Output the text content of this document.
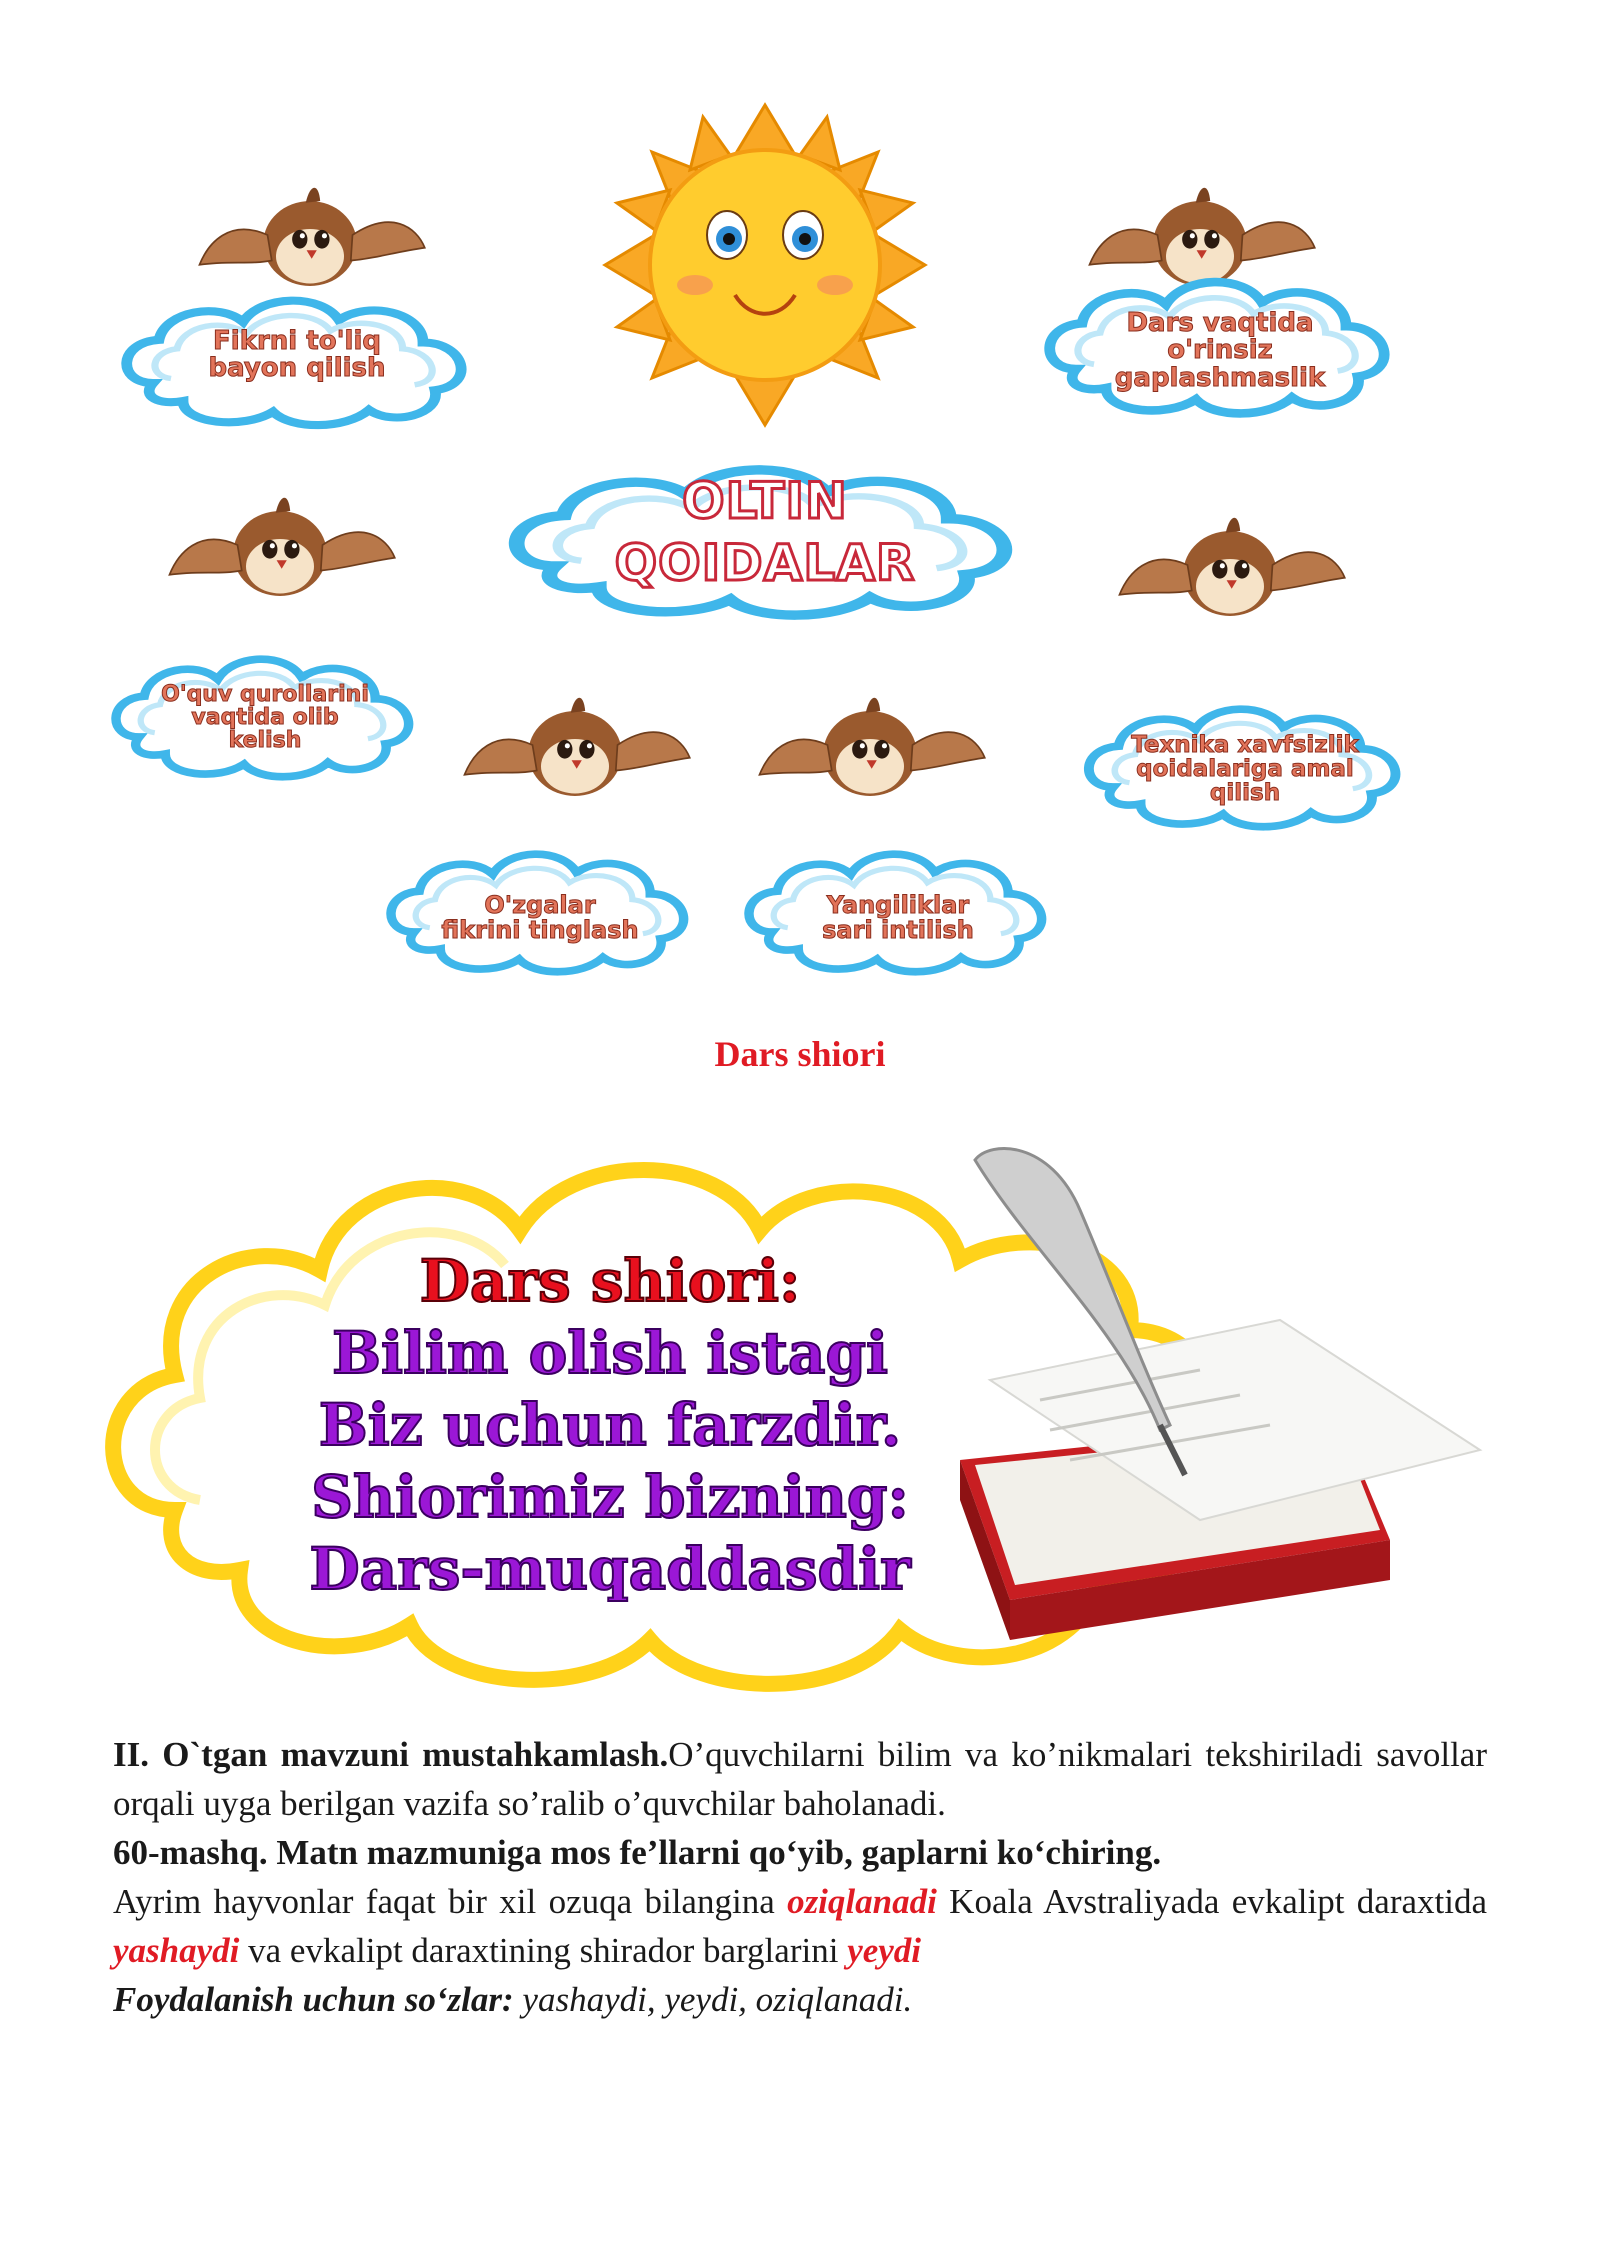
OLTIN
QOIDALAR
Fikrni to'liq
bayon qilish
Dars vaqtida
o'rinsiz
gaplashmaslik
O'quv qurollarini
vaqtida olib
kelish	Texnika xavfsizlik
qoidalariga amal
qilish
O'zgalar
fikrini tinglash
Yangiliklar
sari intilish
Dars shiori
Dars shiori:
Bilim olish istagi
Biz uchun farzdir.
Shiorimiz bizning:
Dars-muqaddasdir

II. O`tgan mavzuni mustahkamlash.O’quvchilarni bilim va ko’nikmalari tekshiriladi savollar orqali uyga berilgan vazifa so’ralib o’quvchilar baholanadi.

60-mashq. Matn mazmuniga mos fe’llarni qo‘yib, gaplarni ko‘chiring.

Ayrim hayvonlar faqat bir xil ozuqa bilangina oziqlanadi Koala Avstraliyada evkalipt daraxtida yashaydi va evkalipt daraxtining shirador barglarini yeydi

Foydalanish uchun so‘zlar: yashaydi, yeydi, oziqlanadi.
